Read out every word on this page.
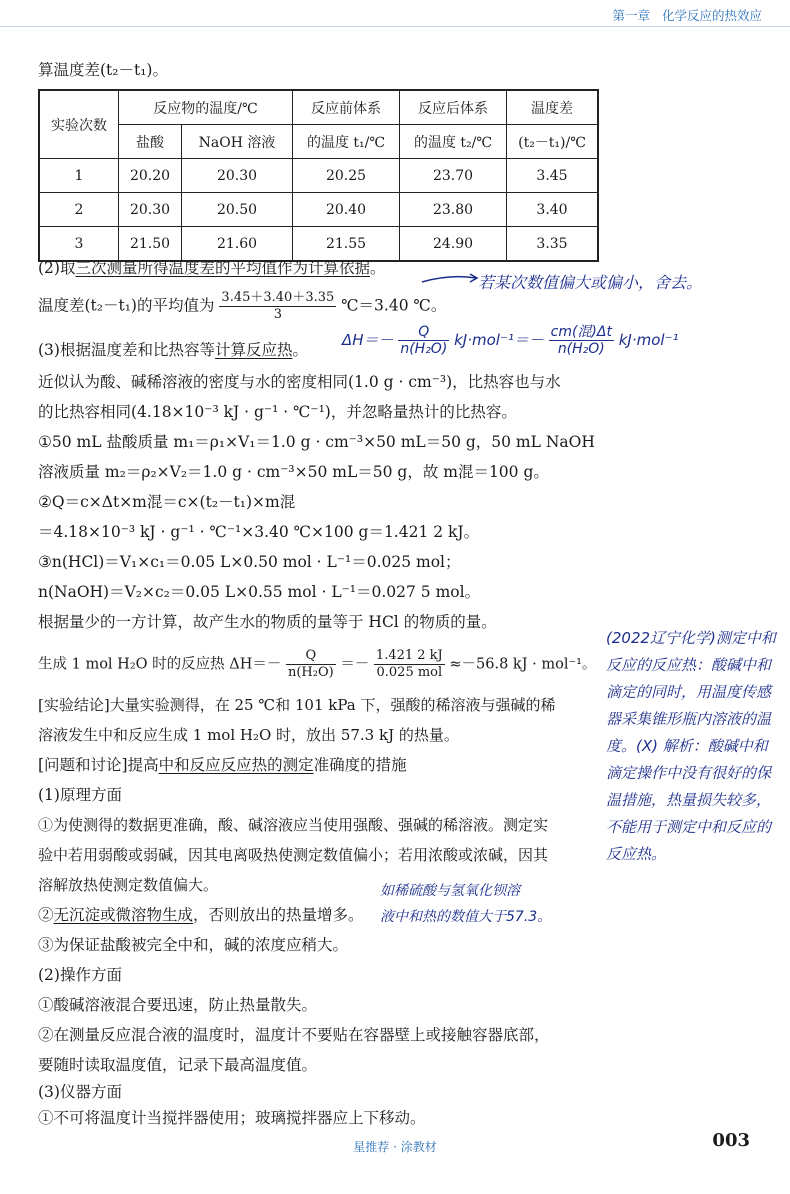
第一章 化学反应的热效应
算温度差(t₂－t₁)。
实验次数	反应物的温度/℃		反应前体系	反应后体系	温度差
	盐酸	NaOH 溶液	的温度 t₁/℃	的温度 t₂/℃	(t₂－t₁)/℃
1	20.20	20.30	20.25	23.70	3.45
2	20.30	20.50	20.40	23.80	3.40
3	21.50	21.60	21.55	24.90	3.35
(2)取三次测量所得温度差的平均值作为计算依据。
若某次数值偏大或偏小，舍去。
温度差(t₂－t₁)的平均值为 $\frac{3.45+3.40+3.35}{3}$ ℃＝3.40 ℃。
(3)根据温度差和比热容等计算反应热。
$\Delta H=- \frac{Q}{\text{n(H₂O)}} kJ\cdot mol^{-1}=- \frac{\text{cm(混)Δt}}{\text{n(H₂O)}} kJ\cdot mol^{-1}$
近似认为酸、碱稀溶液的密度与水的密度相同(1.0 g · cm⁻³)，比热容也与水
的比热容相同(4.18×10⁻³ kJ · g⁻¹ · ℃⁻¹)，并忽略量热计的比热容。
①50 mL 盐酸质量 m₁＝ρ₁×V₁＝1.0 g · cm⁻³×50 mL＝50 g，50 mL NaOH
溶液质量 m₂＝ρ₂×V₂＝1.0 g · cm⁻³×50 mL＝50 g，故 m混＝100 g。
②Q＝c×Δt×m混＝c×(t₂－t₁)×m混
＝4.18×10⁻³ kJ · g⁻¹ · ℃⁻¹×3.40 ℃×100 g＝1.421 2 kJ。
③n(HCl)＝V₁×c₁＝0.05 L×0.50 mol · L⁻¹＝0.025 mol；
n(NaOH)＝V₂×c₂＝0.05 L×0.55 mol · L⁻¹＝0.027 5 mol。
根据量少的一方计算，故产生水的物质的量等于 HCl 的物质的量。
生成 1 mol H₂O 时的反应热 $\Delta H=- \frac{Q}{\text{n(H₂O)}} =- \frac{1.421 2 kJ}{\text{0.025 mol}} \approx-56.8$ kJ · mol⁻¹。
[实验结论]大量实验测得，在 25 ℃和 101 kPa 下，强酸的稀溶液与强碱的稀
溶液发生中和反应生成 1 mol H₂O 时，放出 57.3 kJ 的热量。
[问题和讨论]提高中和反应反应热的测定准确度的措施
(1)原理方面
①为使测得的数据更准确，酸、碱溶液应当使用强酸、强碱的稀溶液。测定实
验中若用弱酸或弱碱，因其电离吸热使测定数值偏小；若用浓酸或浓碱，因其
溶解放热使测定数值偏大。
②无沉淀或微溶物生成，否则放出的热量增多。
③为保证盐酸被完全中和，碱的浓度应稍大。
如稀硫酸与氢氧化钡溶
液中和热的数值大于57.3。
(2)操作方面
①酸碱溶液混合要迅速，防止热量散失。
②在测量反应混合液的温度时，温度计不要贴在容器壁上或接触容器底部，
要随时读取温度值，记录下最高温度值。
(3)仪器方面
①不可将温度计当搅拌器使用；玻璃搅拌器应上下移动。
(2022辽宁化学)测定中和反应的反应热：酸碱中和滴定的同时，用温度传感器采集锥形瓶内溶液的温度。(X) 解析：酸碱中和滴定操作中没有很好的保温措施，热量损失较多，不能用于测定中和反应的反应热。
星推荐 · 涂教材	003
